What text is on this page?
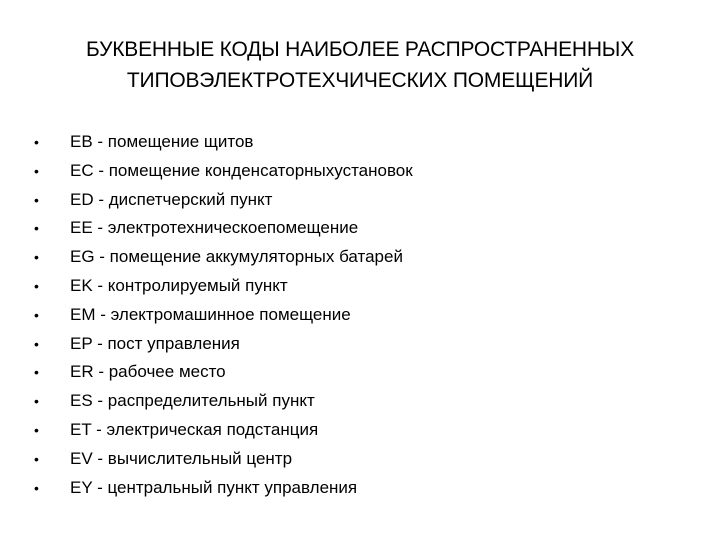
БУКВЕННЫЕ КОДЫ НАИБОЛЕЕ РАСПРОСТРАНЕННЫХ
ТИПОВЭЛЕКТРОТЕХЧИЧЕСКИХ ПОМЕЩЕНИЙ
•	EB - помещение щитов
•	EC - помещение конденсаторныхустановок
•	ED - диспетчерский пункт
•	EE - электротехническоепомещение
•	EG - помещение аккумуляторных батарей
•	EK - контролируемый пункт
•	EM - электромашинное помещение
•	EP - пост управления
•	ER - рабочее место
•	ES - распределительный пункт
•	ET - электрическая подстанция
•	EV - вычислительный центр
•	EY - центральный пункт управления
